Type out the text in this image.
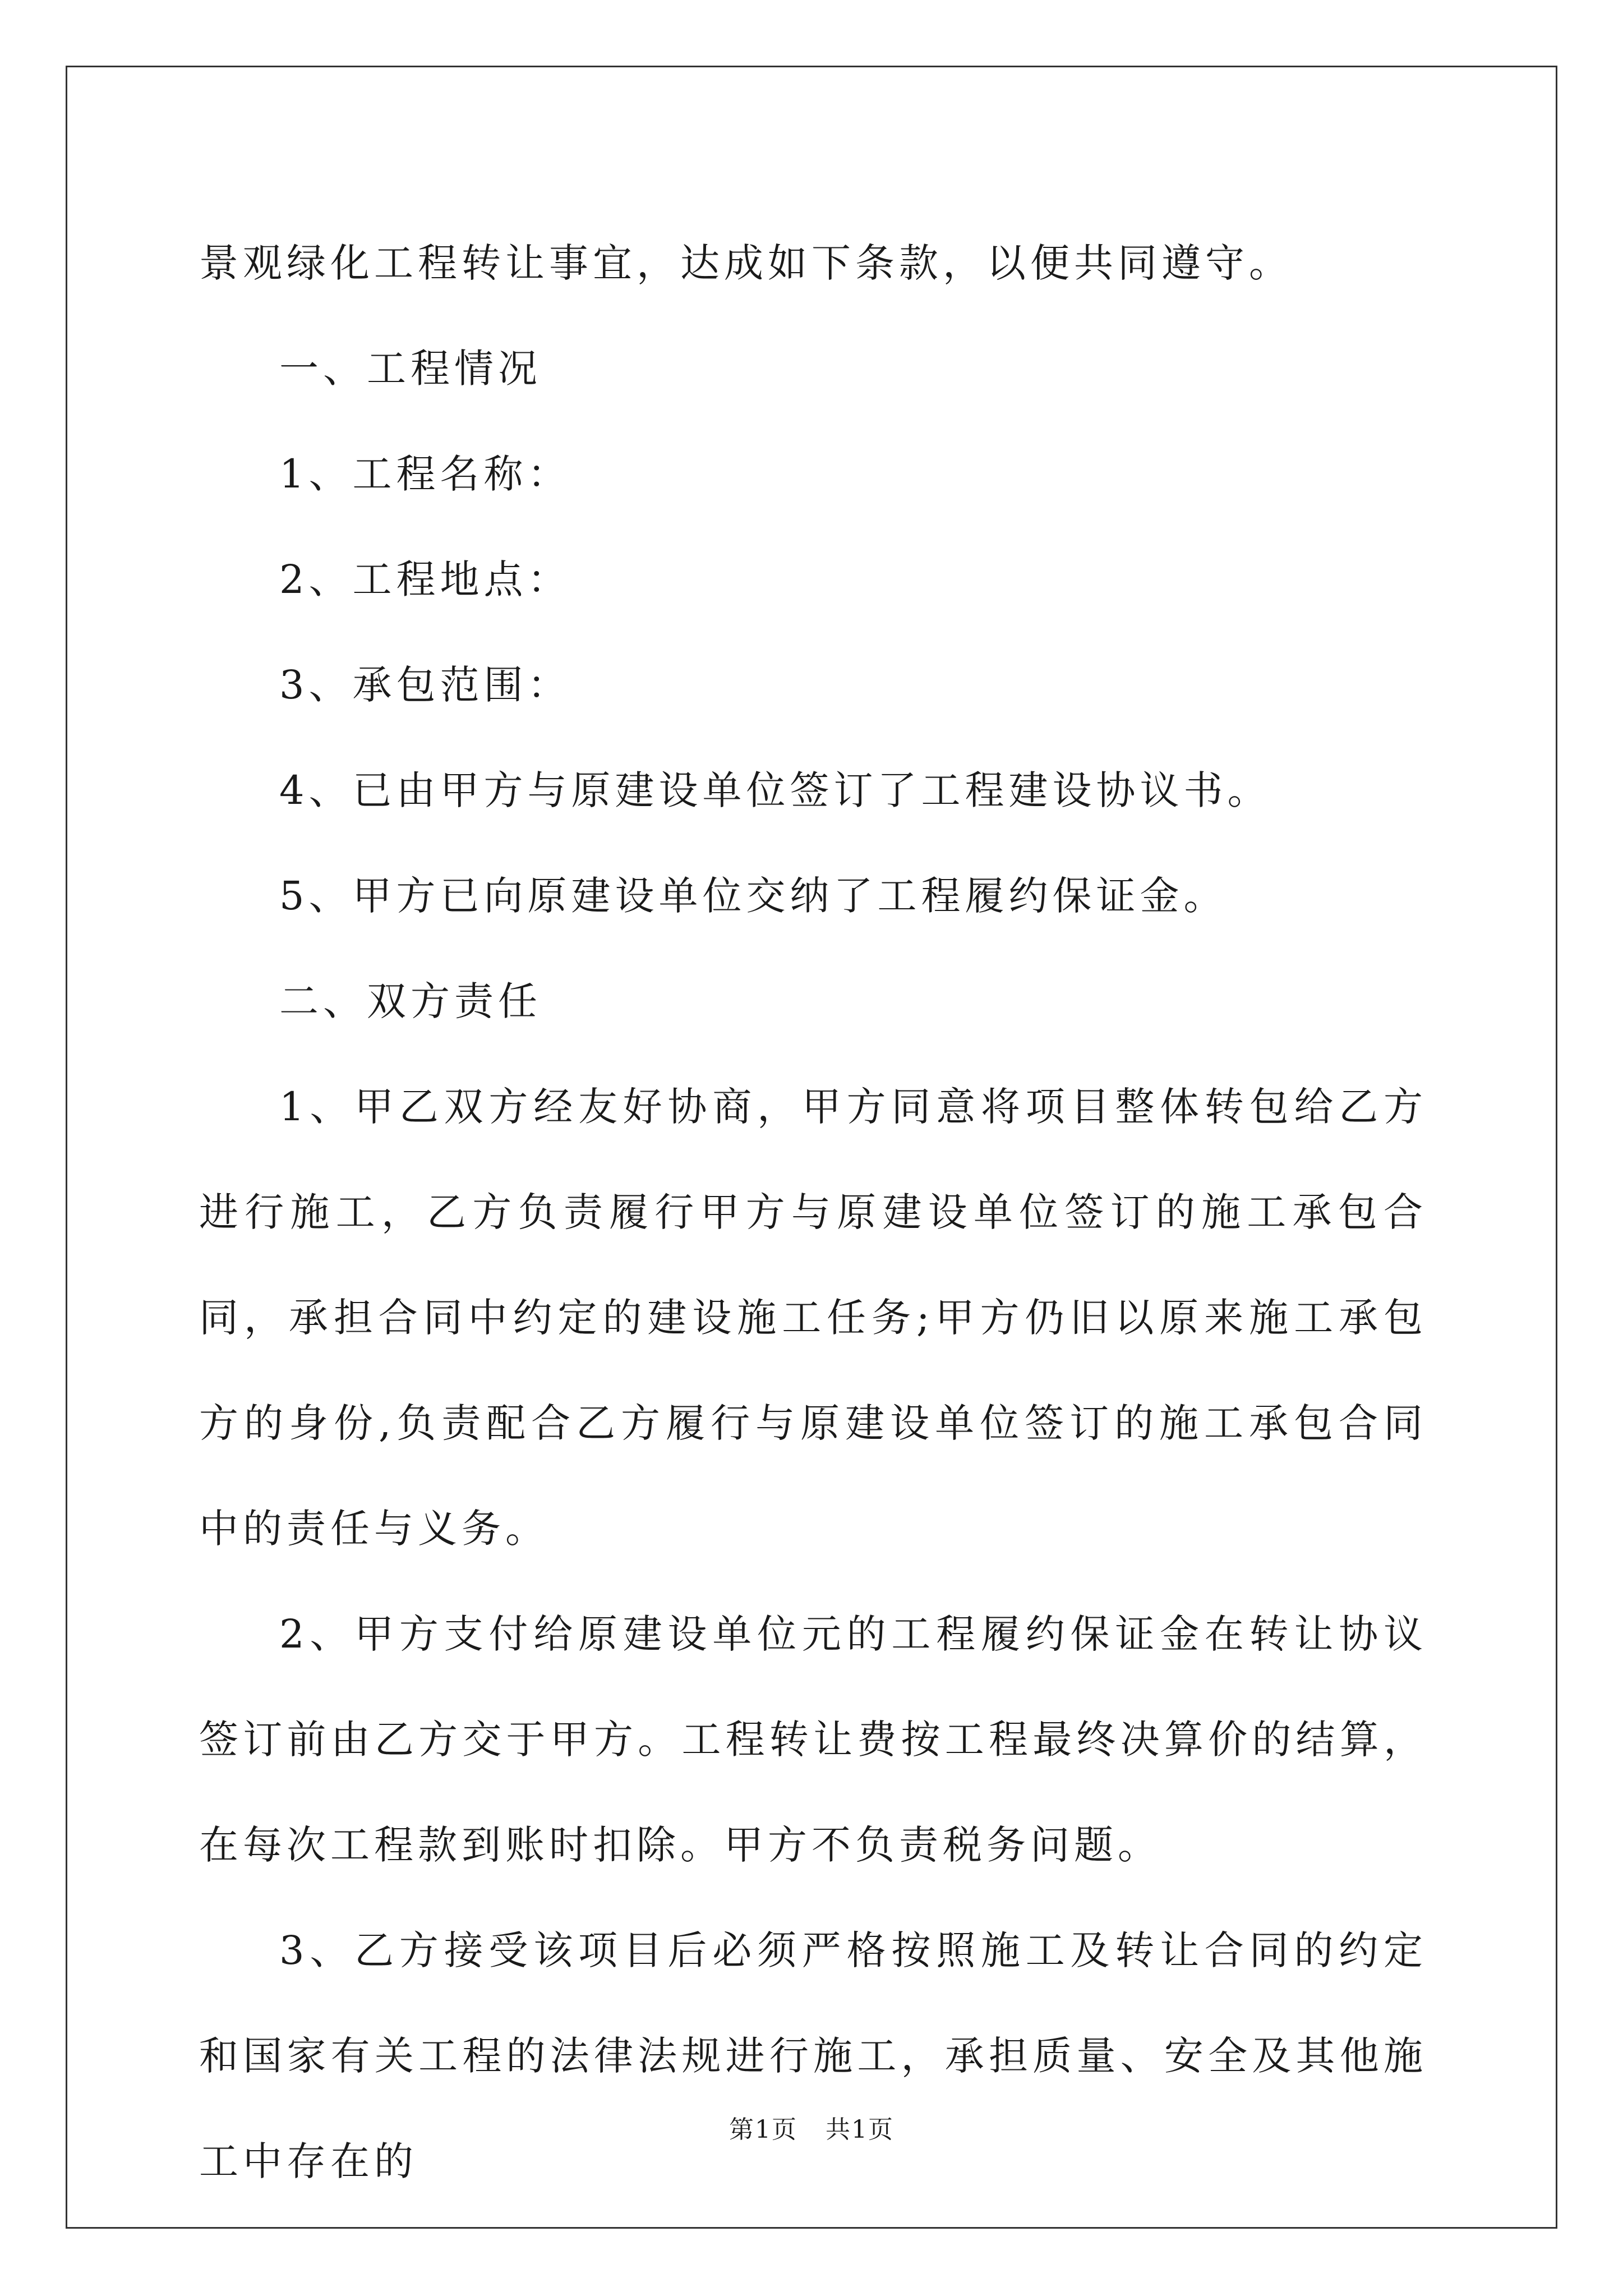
景观绿化工程转让事宜，达成如下条款，以便共同遵守。

一、工程情况

1、工程名称：

2、工程地点：

3、承包范围：

4、已由甲方与原建设单位签订了工程建设协议书。

5、甲方已向原建设单位交纳了工程履约保证金。

二、双方责任

1、甲乙双方经友好协商，甲方同意将项目整体转包给乙方进行施工，乙方负责履行甲方与原建设单位签订的施工承包合同，承担合同中约定的建设施工任务;甲方仍旧以原来施工承包方的身份,负责配合乙方履行与原建设单位签订的施工承包合同中的责任与义务。

2、甲方支付给原建设单位元的工程履约保证金在转让协议签订前由乙方交于甲方。工程转让费按工程最终决算价的结算，在每次工程款到账时扣除。甲方不负责税务问题。

3、乙方接受该项目后必须严格按照施工及转让合同的约定和国家有关工程的法律法规进行施工，承担质量、安全及其他施工中存在的

第1页 共1页
